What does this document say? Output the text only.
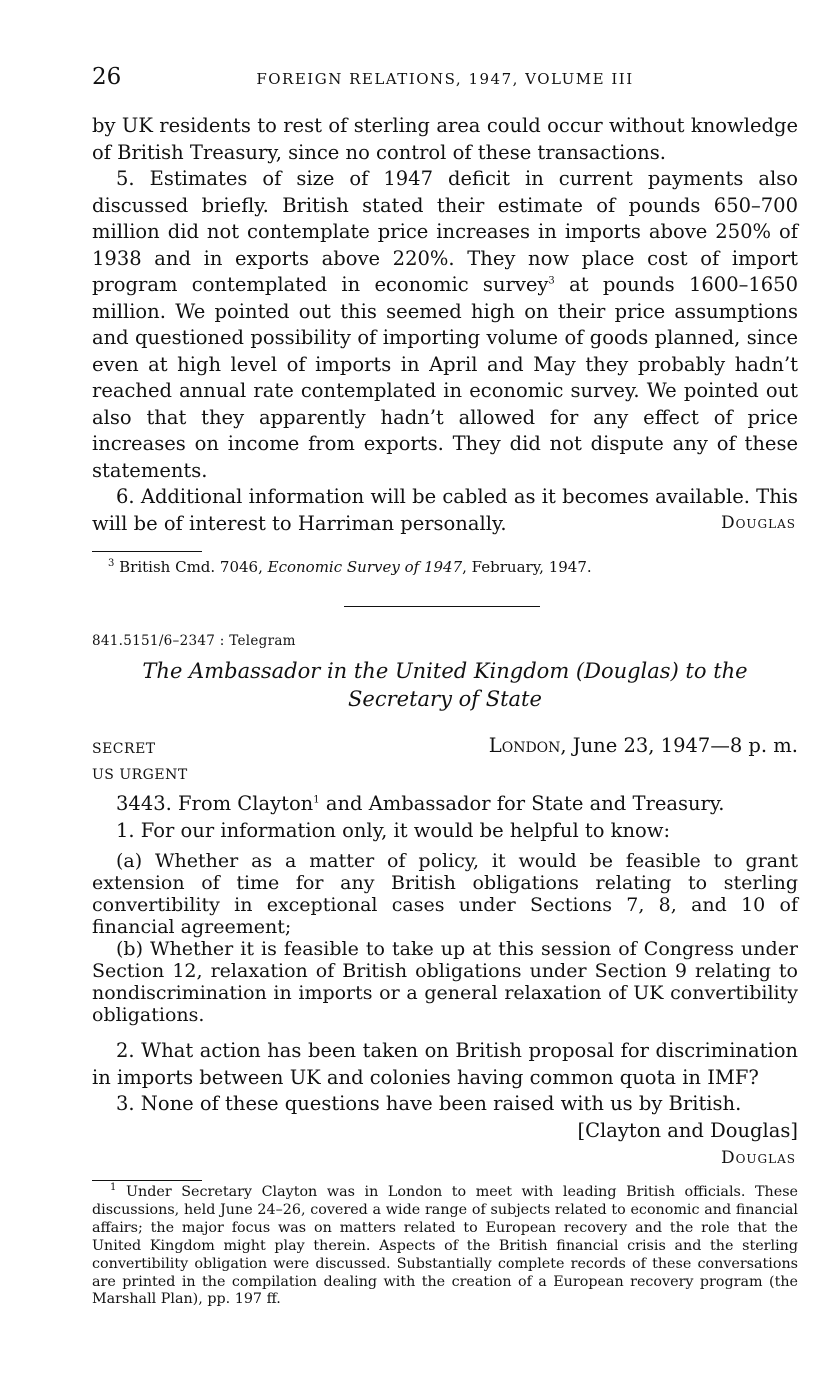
26	FOREIGN RELATIONS, 1947, VOLUME III

by UK residents to rest of sterling area could occur without knowledge of British Treasury, since no control of these transactions.

5. Estimates of size of 1947 deficit in current payments also discussed briefly. British stated their estimate of pounds 650–700 million did not contemplate price increases in imports above 250% of 1938 and in exports above 220%. They now place cost of import program contemplated in economic survey$^3$ at pounds 1600–1650 million. We pointed out this seemed high on their price assumptions and questioned possibility of importing volume of goods planned, since even at high level of imports in April and May they probably hadn’t reached annual rate contemplated in economic survey. We pointed out also that they apparently hadn’t allowed for any effect of price increases on income from exports. They did not dispute any of these statements.

6. Additional information will be cabled as it becomes available. This will be of interest to Harriman personally.	Douglas
$^3$ British Cmd. 7046, Economic Survey of 1947, February, 1947.
841.5151/6–2347 : Telegram
The Ambassador in the United Kingdom (Douglas) to the Secretary of State
SECRET	London, June 23, 1947—8 p. m.
US URGENT

3443. From Clayton$^1$ and Ambassador for State and Treasury.

1. For our information only, it would be helpful to know:

(a) Whether as a matter of policy, it would be feasible to grant extension of time for any British obligations relating to sterling convertibility in exceptional cases under Sections 7, 8, and 10 of financial agreement;

(b) Whether it is feasible to take up at this session of Congress under Section 12, relaxation of British obligations under Section 9 relating to nondiscrimination in imports or a general relaxation of UK convertibility obligations.

2. What action has been taken on British proposal for discrimination in imports between UK and colonies having common quota in IMF?

3. None of these questions have been raised with us by British.

[Clayton and Douglas]
Douglas

$^1$ Under Secretary Clayton was in London to meet with leading British officials. These discussions, held June 24–26, covered a wide range of subjects related to economic and financial affairs; the major focus was on matters related to European recovery and the role that the United Kingdom might play therein. Aspects of the British financial crisis and the sterling convertibility obligation were discussed. Substantially complete records of these conversations are printed in the compilation dealing with the creation of a European recovery program (the Marshall Plan), pp. 197 ff.
